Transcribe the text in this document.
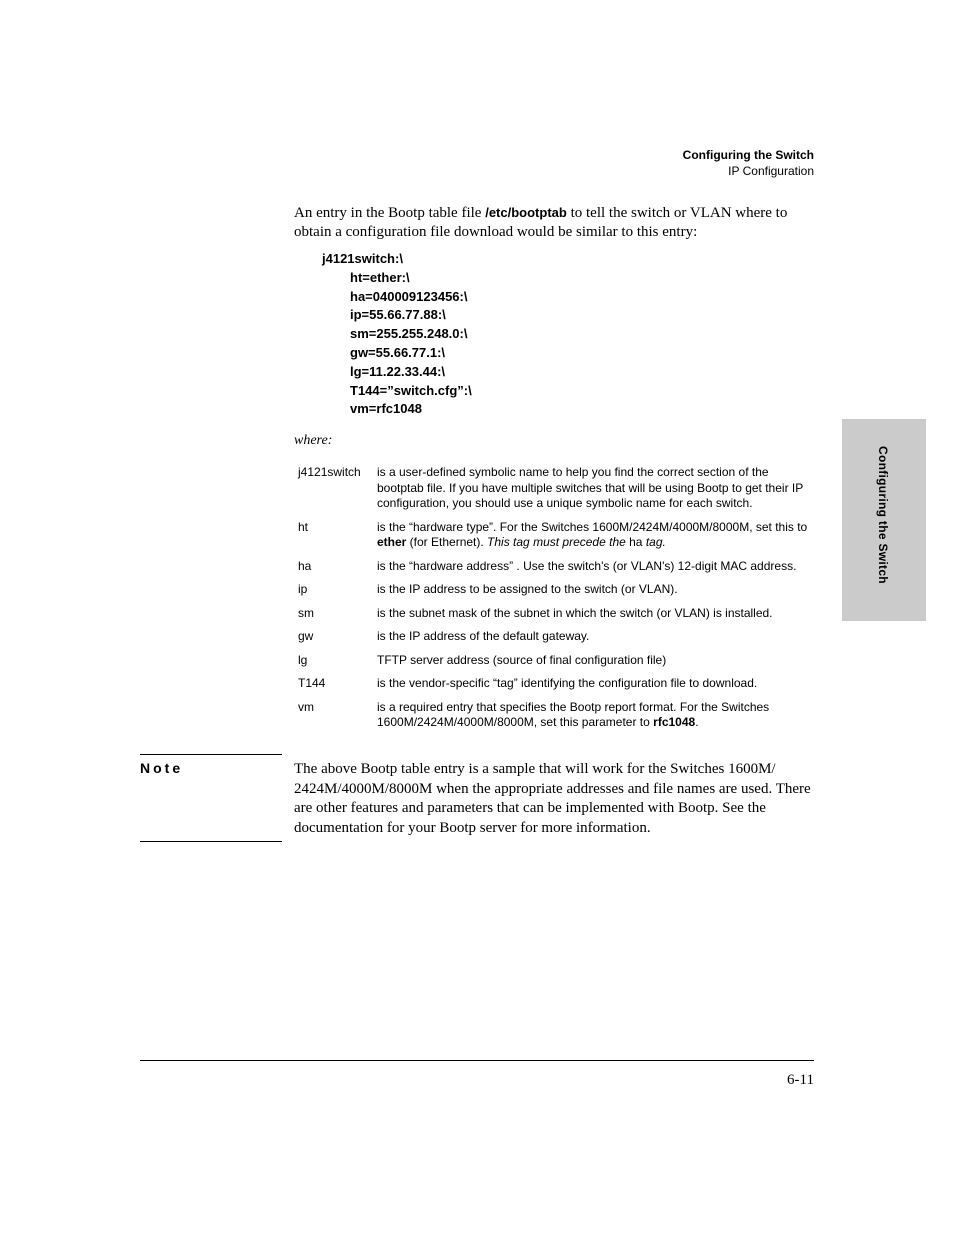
Configuring the Switch
IP Configuration
Configuring the Switch

An entry in the Bootp table file /etc/bootptab to tell the switch or VLAN where to obtain a configuration file download would be similar to this entry:

j4121switch:\
ht=ether:\
ha=040009123456:\
ip=55.66.77.88:\
sm=255.255.248.0:\
gw=55.66.77.1:\
lg=11.22.33.44:\
T144=”switch.cfg”:\
vm=rfc1048
where:
j4121switch	is a user-defined symbolic name to help you find the correct section of the bootptab file. If you have multiple switches that will be using Bootp to get their IP configuration, you should use a unique symbolic name for each switch.
ht	is the “hardware type”. For the Switches 1600M/2424M/4000M/8000M, set this to ether (for Ethernet). This tag must precede the ha tag.
ha	is the “hardware address” . Use the switch's (or VLAN's) 12-digit MAC address.
ip	is the IP address to be assigned to the switch (or VLAN).
sm	is the subnet mask of the subnet in which the switch (or VLAN) is installed.
gw	is the IP address of the default gateway.
lg	TFTP server address (source of final configuration file)
T144	is the vendor-specific “tag” identifying the configuration file to download.
vm	is a required entry that specifies the Bootp report format. For the Switches 1600M/2424M/4000M/8000M, set this parameter to rfc1048.
Note	The above Bootp table entry is a sample that will work for the Switches 1600M/ 2424M/4000M/8000M when the appropriate addresses and file names are used. There are other features and parameters that can be implemented with Bootp. See the documentation for your Bootp server for more information.
6-11
